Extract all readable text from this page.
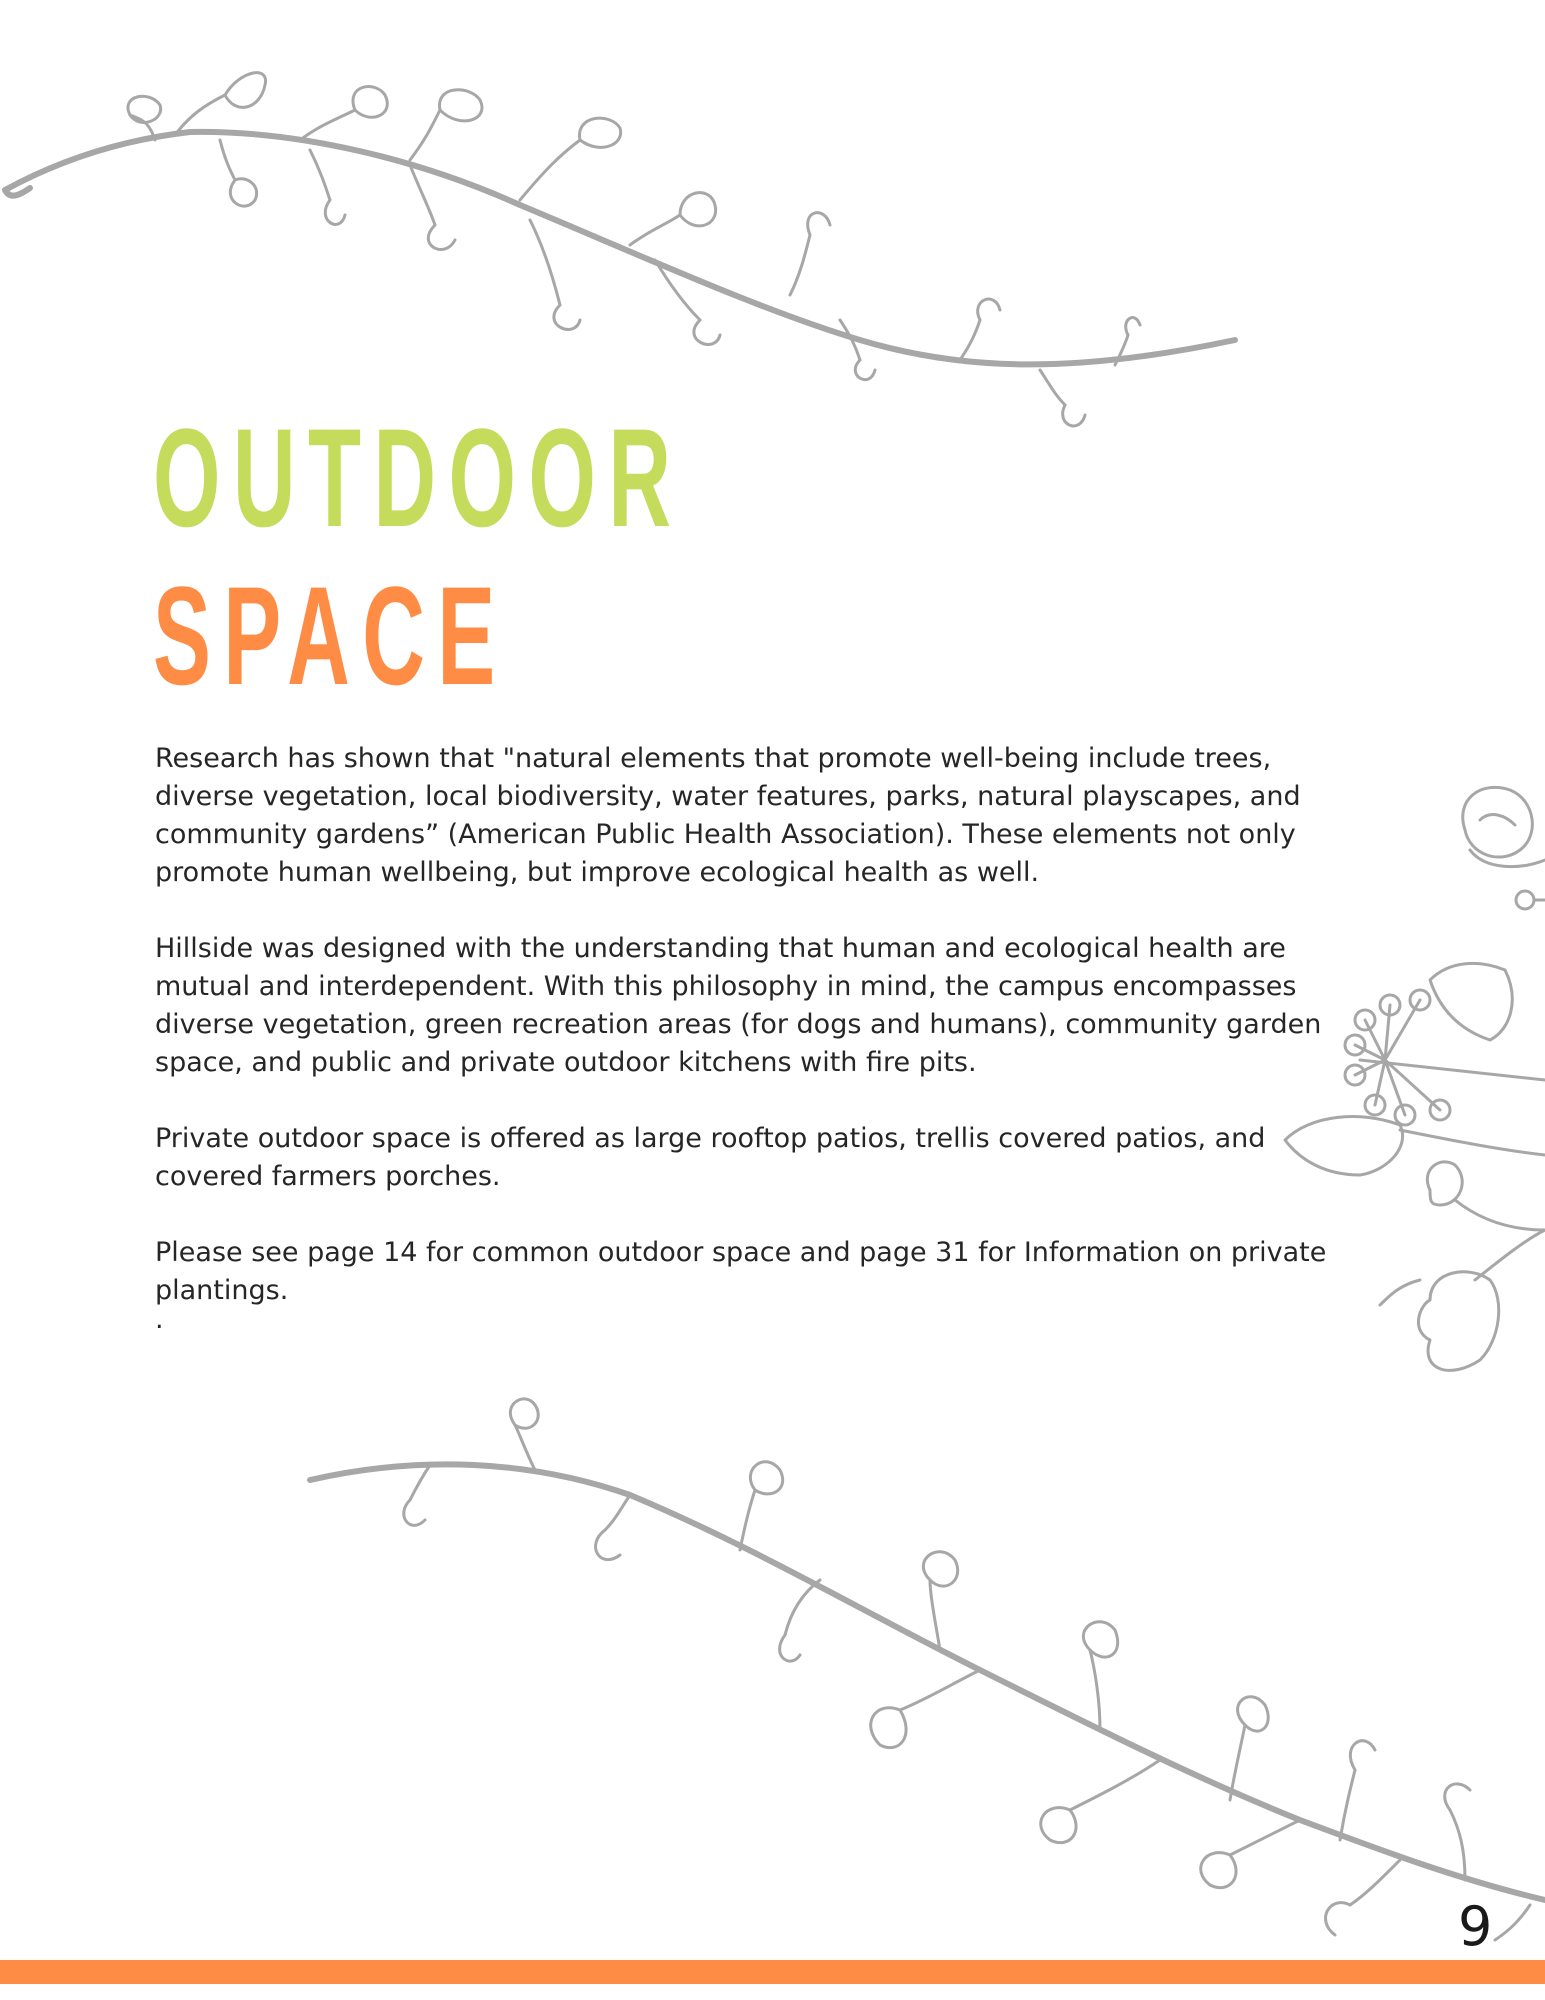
OUTDOOR
SPACE

Research has shown that "natural elements that promote well-being include trees, diverse vegetation, local biodiversity, water features, parks, natural playscapes, and community gardens” (American Public Health Association). These elements not only promote human wellbeing, but improve ecological health as well.

Hillside was designed with the understanding that human and ecological health are mutual and interdependent. With this philosophy in mind, the campus encompasses diverse vegetation, green recreation areas (for dogs and humans), community garden space, and public and private outdoor kitchens with fire pits.

Private outdoor space is offered as large rooftop patios, trellis covered patios, and covered farmers porches.

Please see page 14 for common outdoor space and page 31 for Information on private plantings.

.

9
